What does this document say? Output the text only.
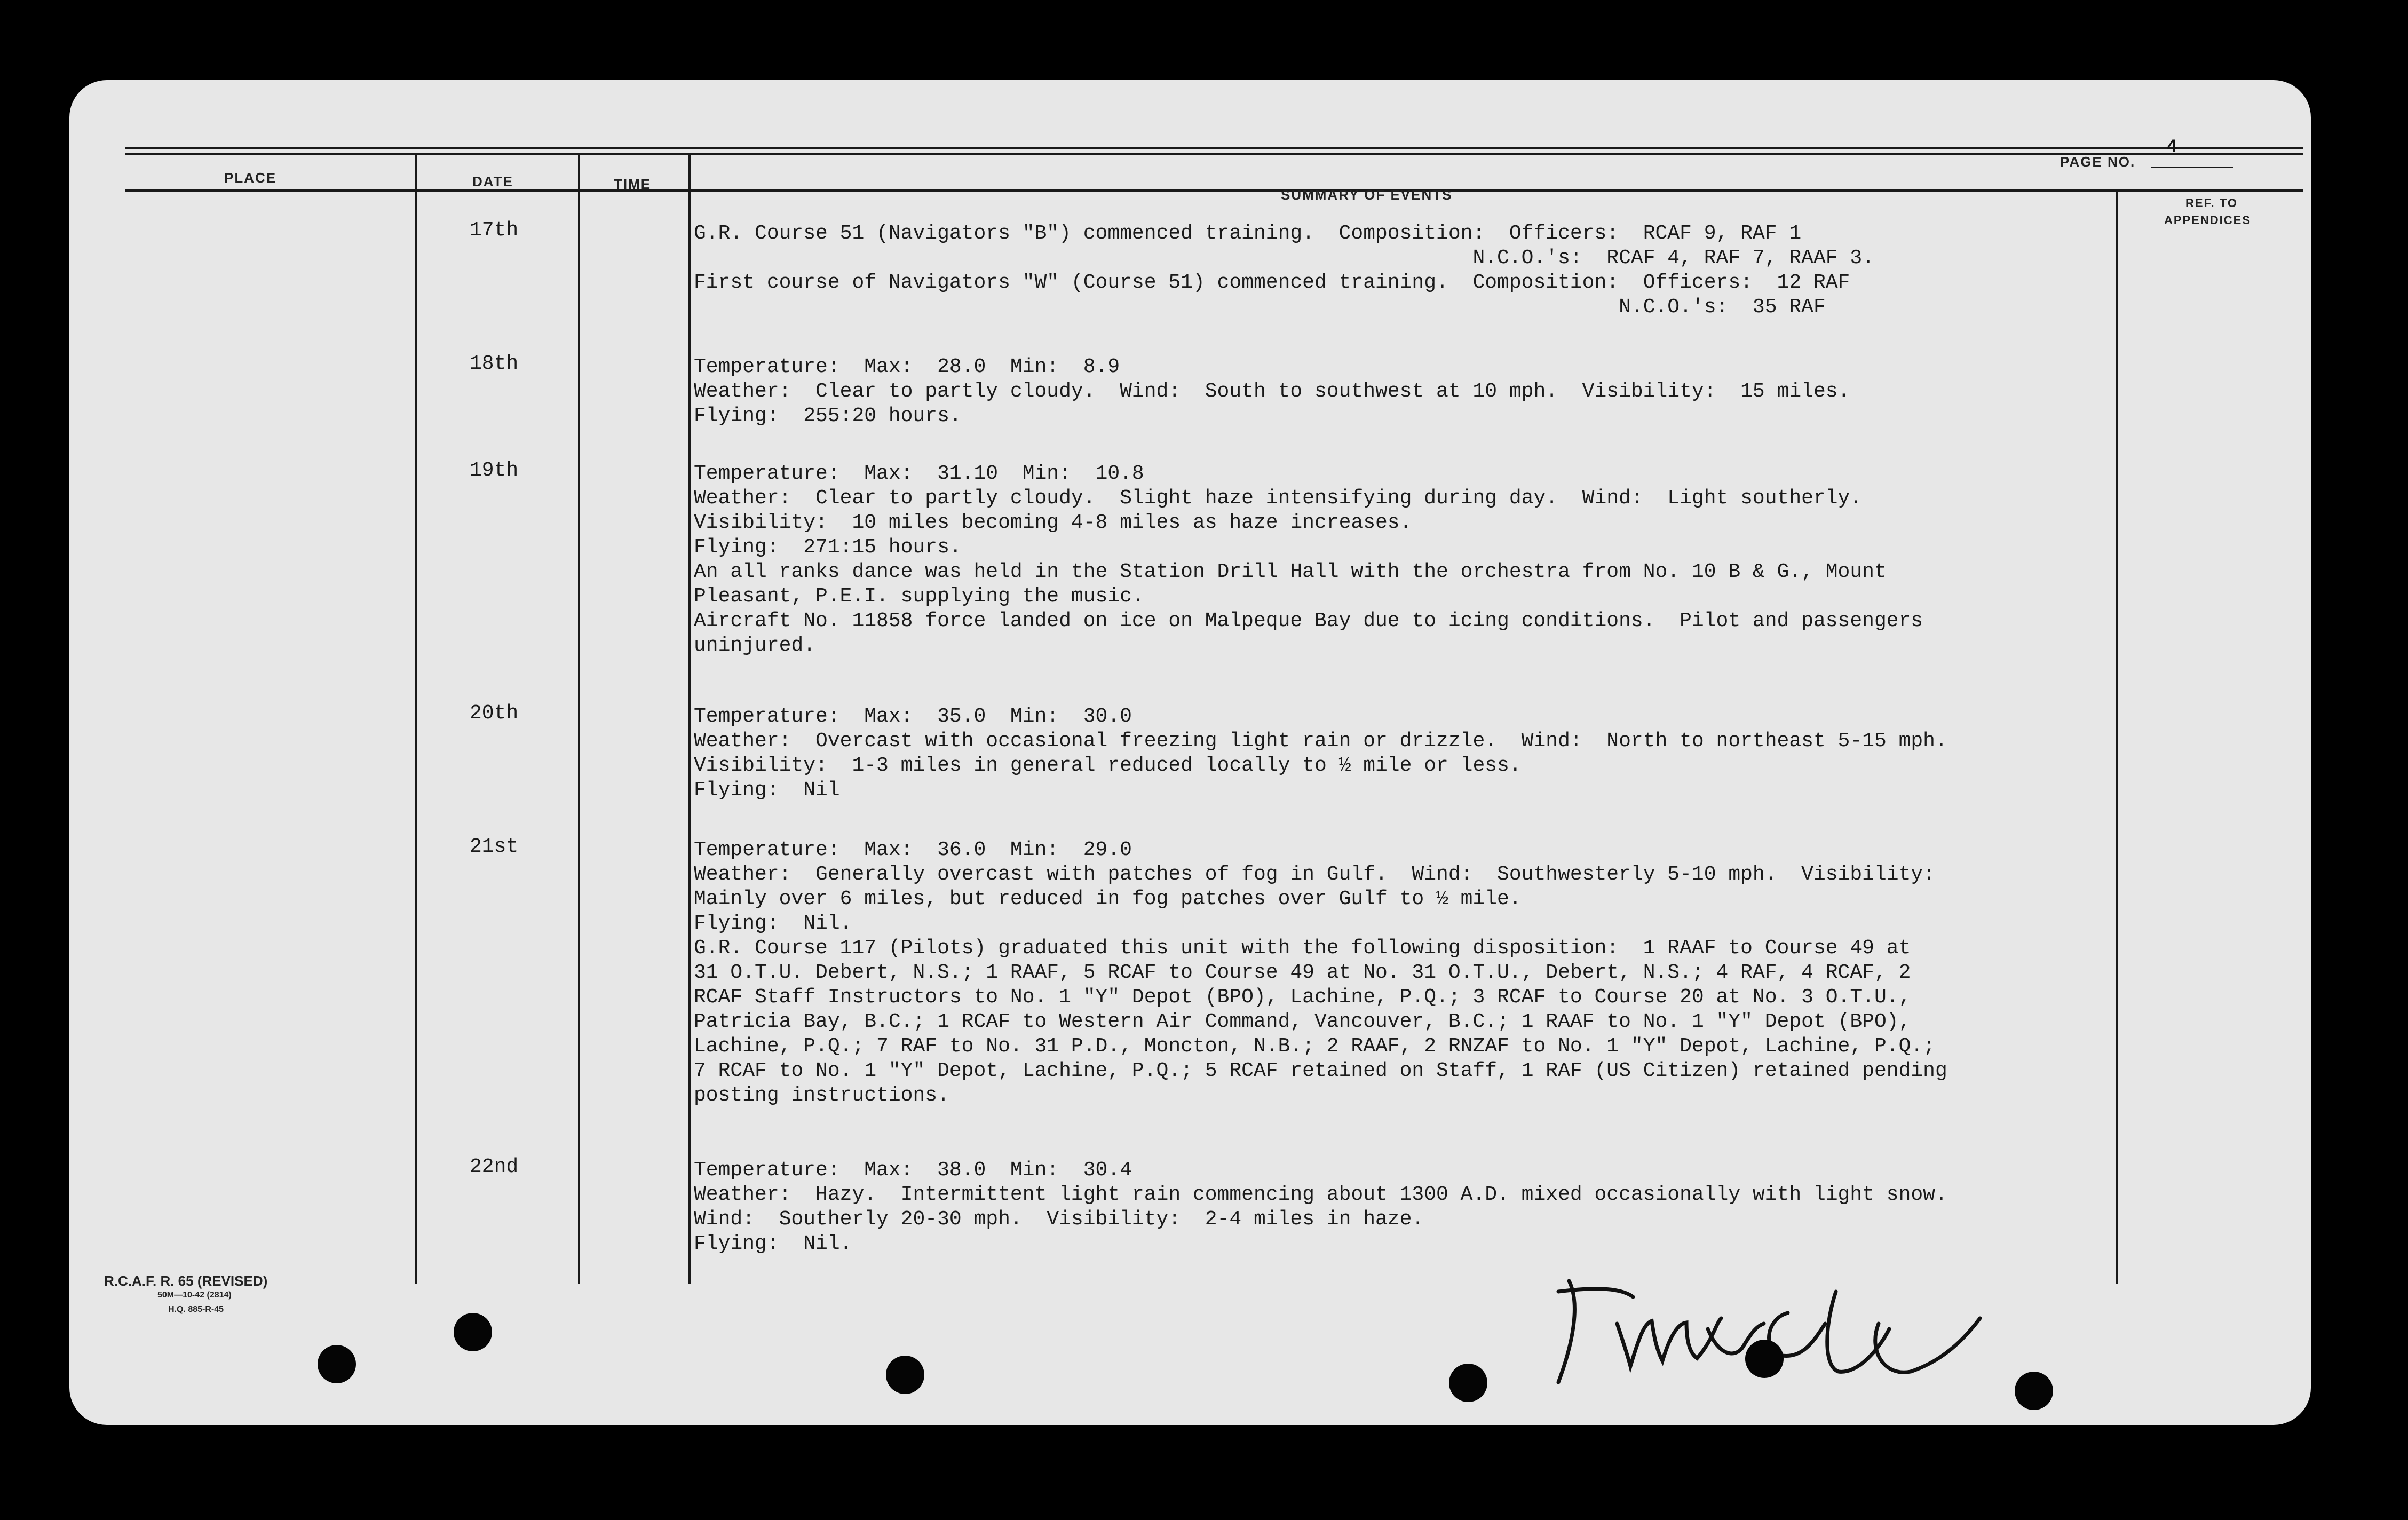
PLACE	DATE	TIME
SUMMARY OF EVENTS
REF. TO
APPENDICES
PAGE NO.
4
17th
18th
19th
20th
21st
22nd
G.R. Course 51 (Navigators "B") commenced training.  Composition:  Officers:  RCAF 9, RAF 1
N.C.O.'s:  RCAF 4, RAF 7, RAAF 3.
First course of Navigators "W" (Course 51) commenced training.  Composition:  Officers:  12 RAF
N.C.O.'s:  35 RAF
Temperature:  Max:  28.0  Min:  8.9
Weather:  Clear to partly cloudy.  Wind:  South to southwest at 10 mph.  Visibility:  15 miles.
Flying:  255:20 hours.
Temperature:  Max:  31.10  Min:  10.8
Weather:  Clear to partly cloudy.  Slight haze intensifying during day.  Wind:  Light southerly.
Visibility:  10 miles becoming 4-8 miles as haze increases.
Flying:  271:15 hours.
An all ranks dance was held in the Station Drill Hall with the orchestra from No. 10 B & G., Mount
Pleasant, P.E.I. supplying the music.
Aircraft No. 11858 force landed on ice on Malpeque Bay due to icing conditions.  Pilot and passengers
uninjured.
Temperature:  Max:  35.0  Min:  30.0
Weather:  Overcast with occasional freezing light rain or drizzle.  Wind:  North to northeast 5-15 mph.
Visibility:  1-3 miles in general reduced locally to ½ mile or less.
Flying:  Nil
Temperature:  Max:  36.0  Min:  29.0
Weather:  Generally overcast with patches of fog in Gulf.  Wind:  Southwesterly 5-10 mph.  Visibility:
Mainly over 6 miles, but reduced in fog patches over Gulf to ½ mile.
Flying:  Nil.
G.R. Course 117 (Pilots) graduated this unit with the following disposition:  1 RAAF to Course 49 at
31 O.T.U. Debert, N.S.; 1 RAAF, 5 RCAF to Course 49 at No. 31 O.T.U., Debert, N.S.; 4 RAF, 4 RCAF, 2
RCAF Staff Instructors to No. 1 "Y" Depot (BPO), Lachine, P.Q.; 3 RCAF to Course 20 at No. 3 O.T.U.,
Patricia Bay, B.C.; 1 RCAF to Western Air Command, Vancouver, B.C.; 1 RAAF to No. 1 "Y" Depot (BPO),
Lachine, P.Q.; 7 RAF to No. 31 P.D., Moncton, N.B.; 2 RAAF, 2 RNZAF to No. 1 "Y" Depot, Lachine, P.Q.;
7 RCAF to No. 1 "Y" Depot, Lachine, P.Q.; 5 RCAF retained on Staff, 1 RAF (US Citizen) retained pending
posting instructions.
Temperature:  Max:  38.0  Min:  30.4
Weather:  Hazy.  Intermittent light rain commencing about 1300 A.D. mixed occasionally with light snow.
Wind:  Southerly 20-30 mph.  Visibility:  2-4 miles in haze.
Flying:  Nil.
R.C.A.F. R. 65 (REVISED)
50M—10-42 (2814)
H.Q. 885-R-45
